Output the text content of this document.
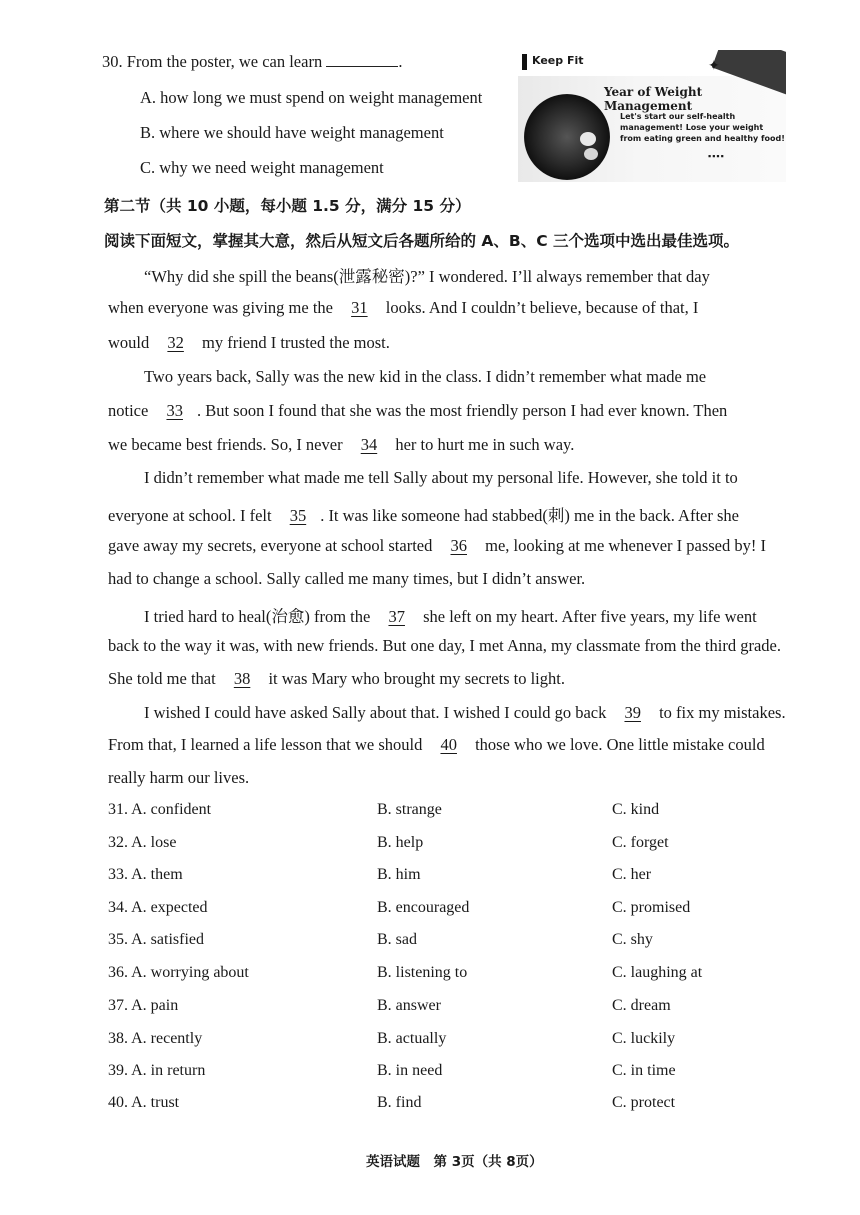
30. From the poster, we can learn	.
A. how long we must spend on weight management
B. where we should have weight management
C. why we need weight management
Keep Fit	✦
Year of Weight Management
Let's start our self-health management! Lose your weight from eating green and healthy food!
▪▪▪▪
第二节（共 10 小题，每小题 1.5 分，满分 15 分）
阅读下面短文，掌握其大意，然后从短文后各题所给的 A、B、C 三个选项中选出最佳选项。
“Why did she spill the beans(泄露秘密)?” I wondered. I’ll always remember that day
when everyone was giving me the 31 looks. And I couldn’t believe, because of that, I
would 32 my friend I trusted the most.
Two years back, Sally was the new kid in the class. I didn’t remember what made me
notice 33 . But soon I found that she was the most friendly person I had ever known. Then
we became best friends. So, I never 34 her to hurt me in such way.
I didn’t remember what made me tell Sally about my personal life. However, she told it to
everyone at school. I felt 35 . It was like someone had stabbed(刺) me in the back. After she
gave away my secrets, everyone at school started 36 me, looking at me whenever I passed by! I
had to change a school. Sally called me many times, but I didn’t answer.
I tried hard to heal(治愈) from the 37 she left on my heart. After five years, my life went
back to the way it was, with new friends. But one day, I met Anna, my classmate from the third grade.
She told me that 38 it was Mary who brought my secrets to light.
I wished I could have asked Sally about that. I wished I could go back 39 to fix my mistakes.
From that, I learned a life lesson that we should 40 those who we love. One little mistake could
really harm our lives.
31. A. confident	B. strange	C. kind
32. A. lose	B. help	C. forget
33. A. them	B. him	C. her
34. A. expected	B. encouraged	C. promised
35. A. satisfied	B. sad	C. shy
36. A. worrying about	B. listening to	C. laughing at
37. A. pain	B. answer	C. dream
38. A. recently	B. actually	C. luckily
39. A. in return	B. in need	C. in time
40. A. trust	B. find	C. protect
英语试题　第 3页（共 8页）
